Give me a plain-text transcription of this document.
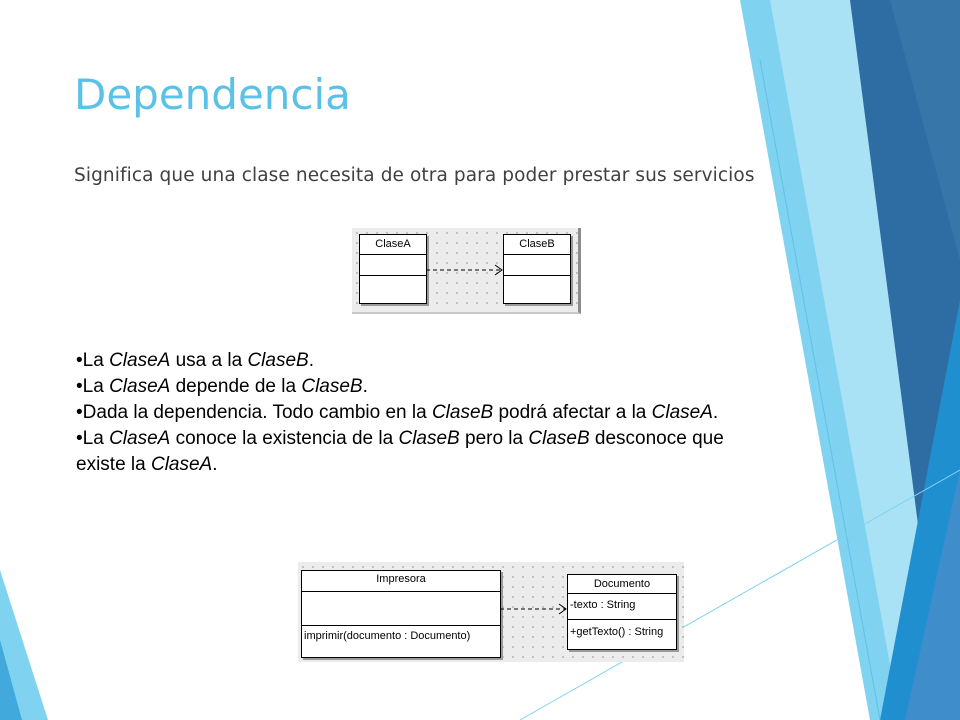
Dependencia

Significa que una clase necesita de otra para poder prestar sus servicios

ClaseA	ClaseB

•La ClaseA usa a la ClaseB.

•La ClaseA depende de la ClaseB.

•Dada la dependencia. Todo cambio en la ClaseB podrá afectar a la ClaseA.

•La ClaseA conoce la existencia de la ClaseB pero la ClaseB desconoce que existe la ClaseA.

Impresora
imprimir(documento : Documento)
Documento
-texto : String
+getTexto() : String
